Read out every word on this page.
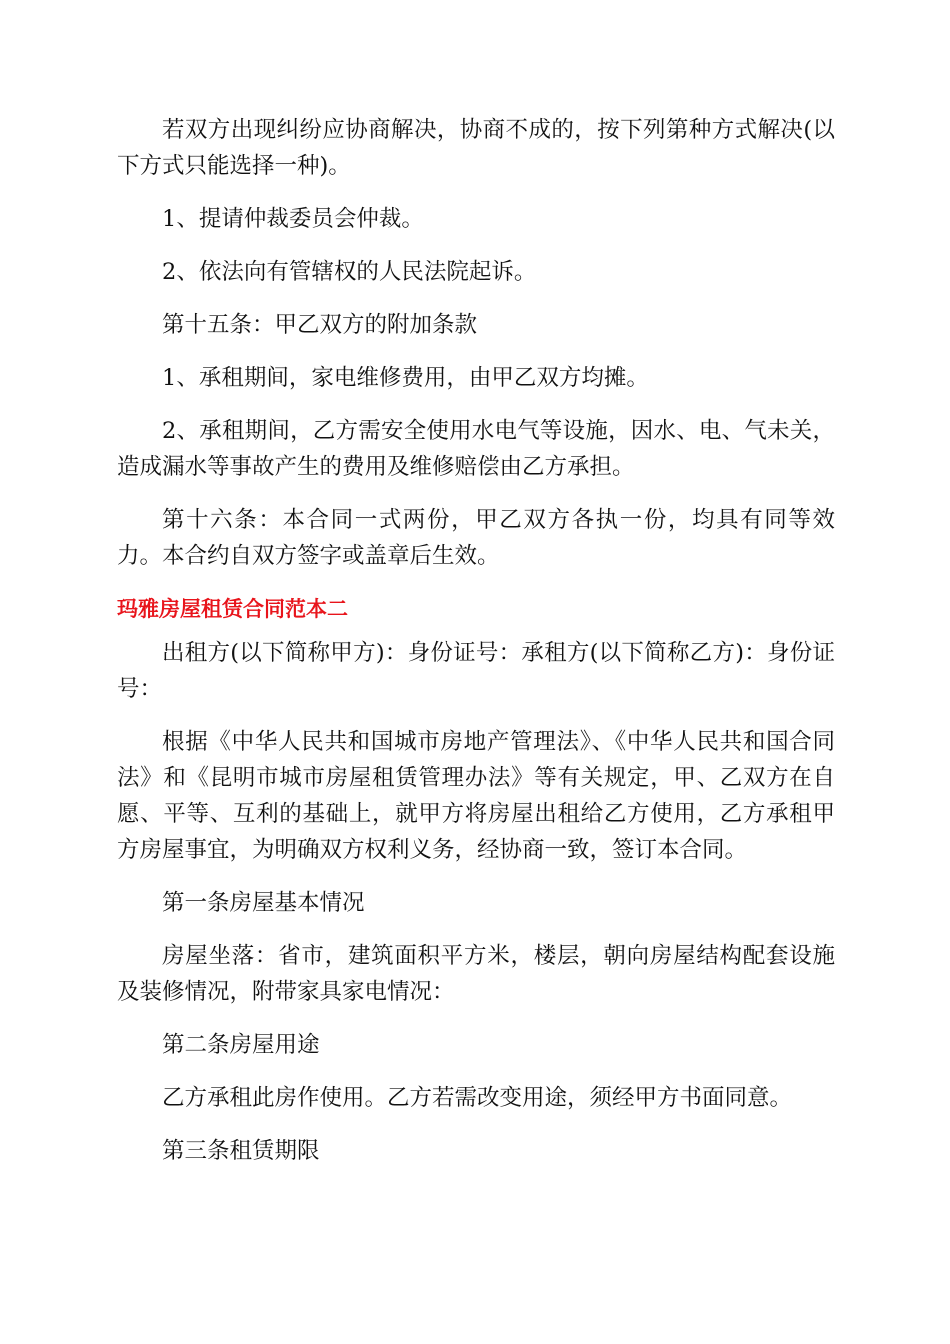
若双方出现纠纷应协商解决，协商不成的，按下列第种方式解决(以下方式只能选择一种)。

1、提请仲裁委员会仲裁。

2、依法向有管辖权的人民法院起诉。

第十五条：甲乙双方的附加条款

1、承租期间，家电维修费用，由甲乙双方均摊。

2、承租期间，乙方需安全使用水电气等设施，因水、电、气未关，造成漏水等事故产生的费用及维修赔偿由乙方承担。

第十六条：本合同一式两份，甲乙双方各执一份，均具有同等效力。本合约自双方签字或盖章后生效。

玛雅房屋租赁合同范本二

出租方(以下简称甲方)：身份证号：承租方(以下简称乙方)：身份证号：

根据《中华人民共和国城市房地产管理法》、《中华人民共和国合同法》和《昆明市城市房屋租赁管理办法》等有关规定，甲、乙双方在自愿、平等、互利的基础上，就甲方将房屋出租给乙方使用，乙方承租甲方房屋事宜，为明确双方权利义务，经协商一致，签订本合同。

第一条房屋基本情况

房屋坐落：省市，建筑面积平方米，楼层，朝向房屋结构配套设施及装修情况，附带家具家电情况：

第二条房屋用途

乙方承租此房作使用。乙方若需改变用途，须经甲方书面同意。

第三条租赁期限
